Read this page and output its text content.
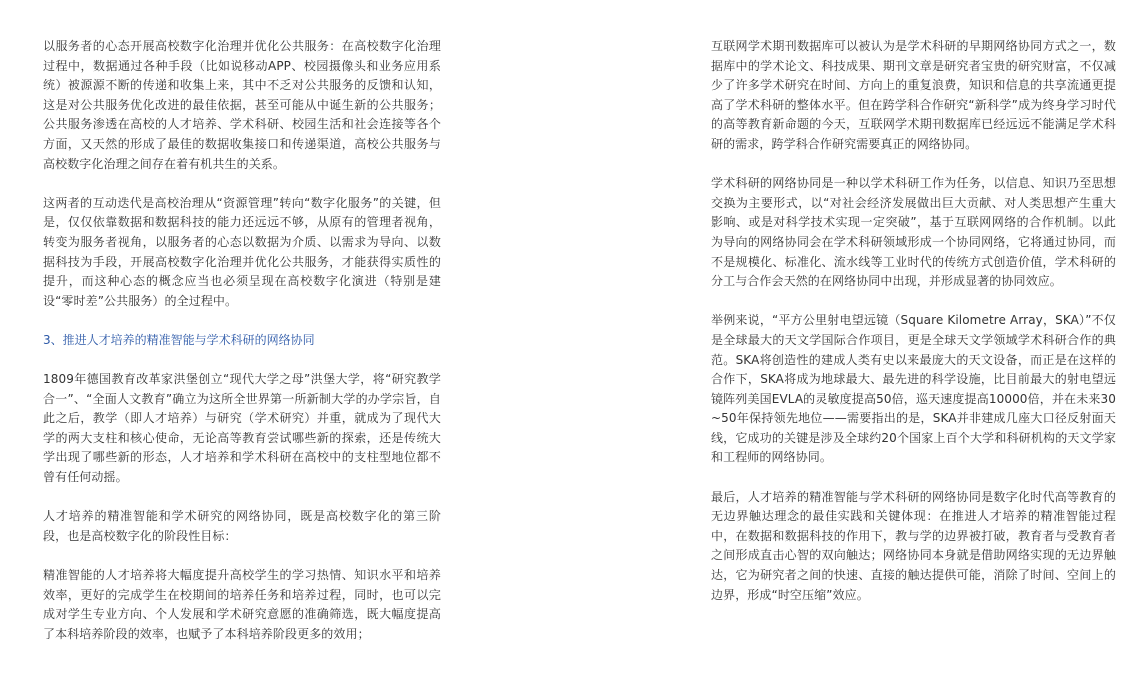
以服务者的心态开展高校数字化治理并优化公共服务：在高校数字化治理过程中，数据通过各种手段（比如说移动APP、校园摄像头和业务应用系统）被源源不断的传递和收集上来，其中不乏对公共服务的反馈和认知，这是对公共服务优化改进的最佳依据，甚至可能从中诞生新的公共服务；公共服务渗透在高校的人才培养、学术科研、校园生活和社会连接等各个方面，又天然的形成了最佳的数据收集接口和传递渠道，高校公共服务与高校数字化治理之间存在着有机共生的关系。

这两者的互动迭代是高校治理从“资源管理”转向“数字化服务”的关键，但是，仅仅依靠数据和数据科技的能力还远远不够，从原有的管理者视角，转变为服务者视角，以服务者的心态以数据为介质、以需求为导向、以数据科技为手段，开展高校数字化治理并优化公共服务，才能获得实质性的提升，而这种心态的概念应当也必须呈现在高校数字化演进（特别是建设“零时差”公共服务）的全过程中。

3、推进人才培养的精准智能与学术科研的网络协同

1809年德国教育改革家洪堡创立“现代大学之母”洪堡大学，将“研究教学合一”、“全面人文教育”确立为这所全世界第一所新制大学的办学宗旨，自此之后，教学（即人才培养）与研究（学术研究）并重，就成为了现代大学的两大支柱和核心使命，无论高等教育尝试哪些新的探索，还是传统大学出现了哪些新的形态，人才培养和学术科研在高校中的支柱型地位都不曾有任何动摇。

人才培养的精准智能和学术研究的网络协同，既是高校数字化的第三阶段，也是高校数字化的阶段性目标：

精准智能的人才培养将大幅度提升高校学生的学习热情、知识水平和培养效率，更好的完成学生在校期间的培养任务和培养过程，同时，也可以完成对学生专业方向、个人发展和学术研究意愿的准确筛选，既大幅度提高了本科培养阶段的效率，也赋予了本科培养阶段更多的效用；

互联网学术期刊数据库可以被认为是学术科研的早期网络协同方式之一，数据库中的学术论文、科技成果、期刊文章是研究者宝贵的研究财富，不仅减少了许多学术研究在时间、方向上的重复浪费，知识和信息的共享流通更提高了学术科研的整体水平。但在跨学科合作研究“新科学”成为终身学习时代的高等教育新命题的今天，互联网学术期刊数据库已经远远不能满足学术科研的需求，跨学科合作研究需要真正的网络协同。

学术科研的网络协同是一种以学术科研工作为任务，以信息、知识乃至思想交换为主要形式，以“对社会经济发展做出巨大贡献、对人类思想产生重大影响、或是对科学技术实现一定突破”，基于互联网网络的合作机制。以此为导向的网络协同会在学术科研领域形成一个协同网络，它将通过协同，而不是规模化、标准化、流水线等工业时代的传统方式创造价值，学术科研的分工与合作会天然的在网络协同中出现，并形成显著的协同效应。

举例来说，“平方公里射电望远镜（Square Kilometre Array，SKA）”不仅是全球最大的天文学国际合作项目，更是全球天文学领域学术科研合作的典范。SKA将创造性的建成人类有史以来最庞大的天文设备，而正是在这样的合作下，SKA将成为地球最大、最先进的科学设施，比目前最大的射电望远镜阵列美国EVLA的灵敏度提高50倍，巡天速度提高10000倍，并在未来30~50年保持领先地位——需要指出的是，SKA并非建成几座大口径反射面天线，它成功的关键是涉及全球约20个国家上百个大学和科研机构的天文学家和工程师的网络协同。

最后，人才培养的精准智能与学术科研的网络协同是数字化时代高等教育的无边界触达理念的最佳实践和关键体现：在推进人才培养的精准智能过程中，在数据和数据科技的作用下，教与学的边界被打破，教育者与受教育者之间形成直击心智的双向触达；网络协同本身就是借助网络实现的无边界触达，它为研究者之间的快速、直接的触达提供可能，消除了时间、空间上的边界，形成“时空压缩”效应。
